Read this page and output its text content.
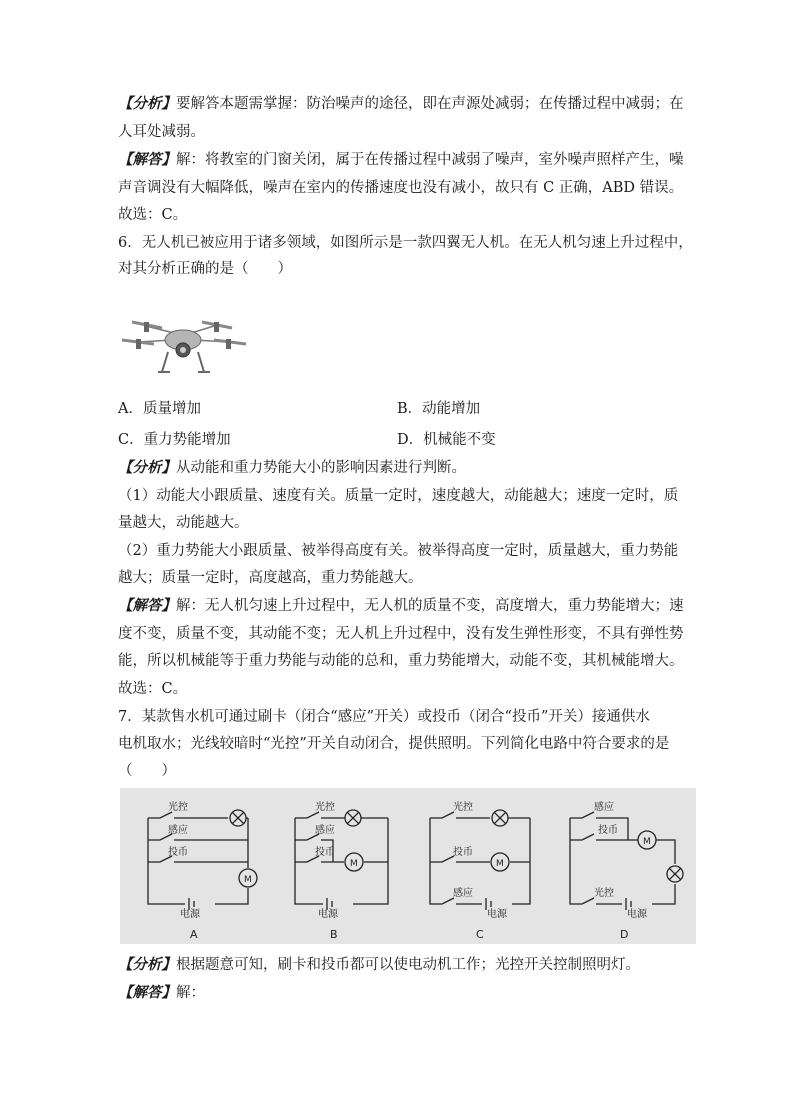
【分析】要解答本题需掌握：防治噪声的途径，即在声源处减弱；在传播过程中减弱；在
人耳处减弱。
【解答】解：将教室的门窗关闭，属于在传播过程中减弱了噪声，室外噪声照样产生，噪
声音调没有大幅降低，噪声在室内的传播速度也没有减小，故只有 C 正确，ABD 错误。
故选：C。
6．无人机已被应用于诸多领域，如图所示是一款四翼无人机。在无人机匀速上升过程中，
对其分析正确的是（　　）
A．质量增加	B．动能增加
C．重力势能增加	D．机械能不变
【分析】从动能和重力势能大小的影响因素进行判断。
（1）动能大小跟质量、速度有关。质量一定时，速度越大，动能越大；速度一定时，质
量越大，动能越大。
（2）重力势能大小跟质量、被举得高度有关。被举得高度一定时，质量越大，重力势能
越大；质量一定时，高度越高，重力势能越大。
【解答】解：无人机匀速上升过程中，无人机的质量不变，高度增大，重力势能增大；速
度不变，质量不变，其动能不变；无人机上升过程中，没有发生弹性形变，不具有弹性势
能，所以机械能等于重力势能与动能的总和，重力势能增大，动能不变，其机械能增大。
故选：C。
7．某款售水机可通过刷卡（闭合“感应”开关）或投币（闭合“投币”开关）接通供水
电机取水；光线较暗时“光控”开关自动闭合，提供照明。下列简化电路中符合要求的是
（　　）
光控
感应
投币
M
电源
A
光控
感应
投币
M
电源
B
光控
投币
M
感应
电源
C
感应
投币
M
光控
电源
D
【分析】根据题意可知，刷卡和投币都可以使电动机工作；光控开关控制照明灯。
【解答】解：
